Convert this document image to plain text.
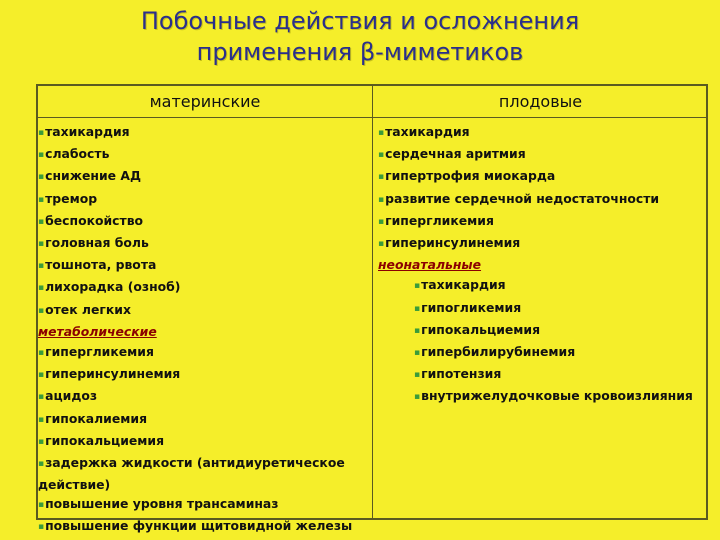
Побочные действия и осложнения
применения β-миметиков
материнские	плодовые
▪тахикардия
▪слабость
▪снижение АД
▪тремор
▪беспокойство
▪головная боль
▪тошнота, рвота
▪лихорадка (озноб)
▪отек легких
метаболические
▪гипергликемия
▪гиперинсулинемия
▪ацидоз
▪гипокалиемия
▪гипокальциемия
▪задержка жидкости (антидиуретическое действие)
▪повышение уровня трансаминаз
▪повышение функции щитовидной железы
▪тахикардия
▪сердечная аритмия
▪гипертрофия миокарда
▪развитие сердечной недостаточности
▪гипергликемия
▪гиперинсулинемия
неонатальные
▪тахикардия
▪гипогликемия
▪гипокальциемия
▪гипербилирубинемия
▪гипотензия
▪внутрижелудочковые кровоизлияния
